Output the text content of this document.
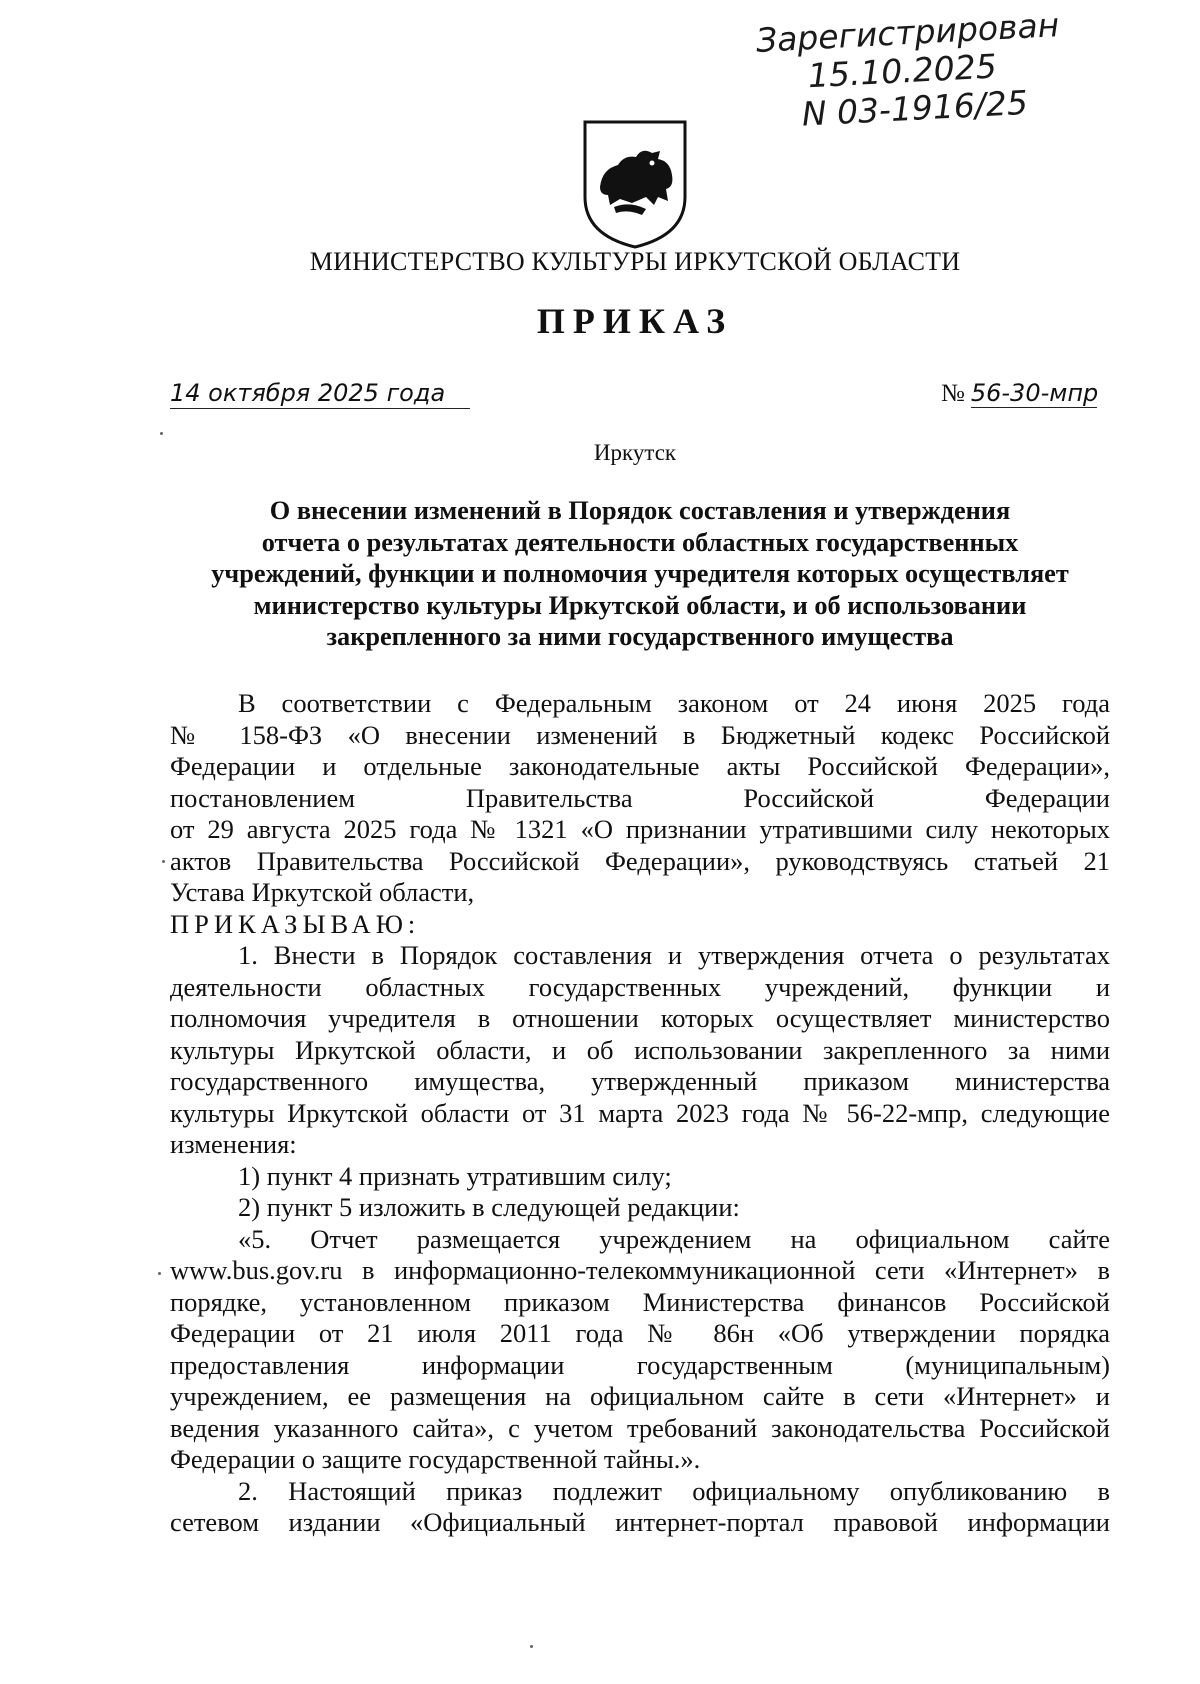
Зарегистрирован
15.10.2025
N 03-1916/25
МИНИСТЕРСТВО КУЛЬТУРЫ ИРКУТСКОЙ ОБЛАСТИ
ПРИКАЗ
14 октября 2025 года	№ 56-30-мпр
Иркутск
О внесении изменений в Порядок составления и утверждения
отчета о результатах деятельности областных государственных
учреждений, функции и полномочия учредителя которых осуществляет
министерство культуры Иркутской области, и об использовании
закрепленного за ними государственного имущества
В соответствии с Федеральным законом от 24 июня 2025 года
№ 158-ФЗ «О внесении изменений в Бюджетный кодекс Российской
Федерации и отдельные законодательные акты Российской Федерации»,
постановлением Правительства Российской Федерации
от 29 августа 2025 года № 1321 «О признании утратившими силу некоторых
актов Правительства Российской Федерации», руководствуясь статьей 21
Устава Иркутской области,
ПРИКАЗЫВАЮ:
1. Внести в Порядок составления и утверждения отчета о результатах
деятельности областных государственных учреждений, функции и
полномочия учредителя в отношении которых осуществляет министерство
культуры Иркутской области, и об использовании закрепленного за ними
государственного имущества, утвержденный приказом министерства
культуры Иркутской области от 31 марта 2023 года № 56-22-мпр, следующие
изменения:
1) пункт 4 признать утратившим силу;
2) пункт 5 изложить в следующей редакции:
«5. Отчет размещается учреждением на официальном сайте
www.bus.gov.ru в информационно-телекоммуникационной сети «Интернет» в
порядке, установленном приказом Министерства финансов Российской
Федерации от 21 июля 2011 года № 86н «Об утверждении порядка
предоставления информации государственным (муниципальным)
учреждением, ее размещения на официальном сайте в сети «Интернет» и
ведения указанного сайта», с учетом требований законодательства Российской
Федерации о защите государственной тайны.».
2. Настоящий приказ подлежит официальному опубликованию в
сетевом издании «Официальный интернет-портал правовой информации
